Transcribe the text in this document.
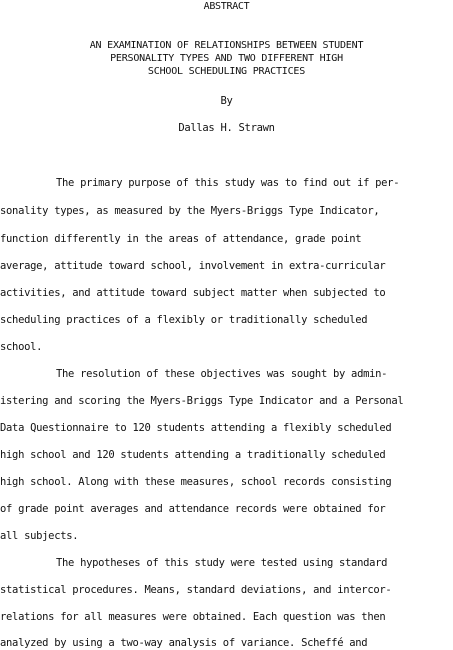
ABSTRACT
AN EXAMINATION OF RELATIONSHIPS BETWEEN STUDENT
PERSONALITY TYPES AND TWO DIFFERENT HIGH
SCHOOL SCHEDULING PRACTICES
By
Dallas H. Strawn
The primary purpose of this study was to find out if per-
sonality types, as measured by the Myers-Briggs Type Indicator,
function differently in the areas of attendance, grade point
average, attitude toward school, involvement in extra-curricular
activities, and attitude toward subject matter when subjected to
scheduling practices of a flexibly or traditionally scheduled
school.
The resolution of these objectives was sought by admin-
istering and scoring the Myers-Briggs Type Indicator and a Personal
Data Questionnaire to 120 students attending a flexibly scheduled
high school and 120 students attending a traditionally scheduled
high school. Along with these measures, school records consisting
of grade point averages and attendance records were obtained for
all subjects.
The hypotheses of this study were tested using standard
statistical procedures. Means, standard deviations, and intercor-
relations for all measures were obtained. Each question was then
analyzed by using a two-way analysis of variance. Scheffé and
